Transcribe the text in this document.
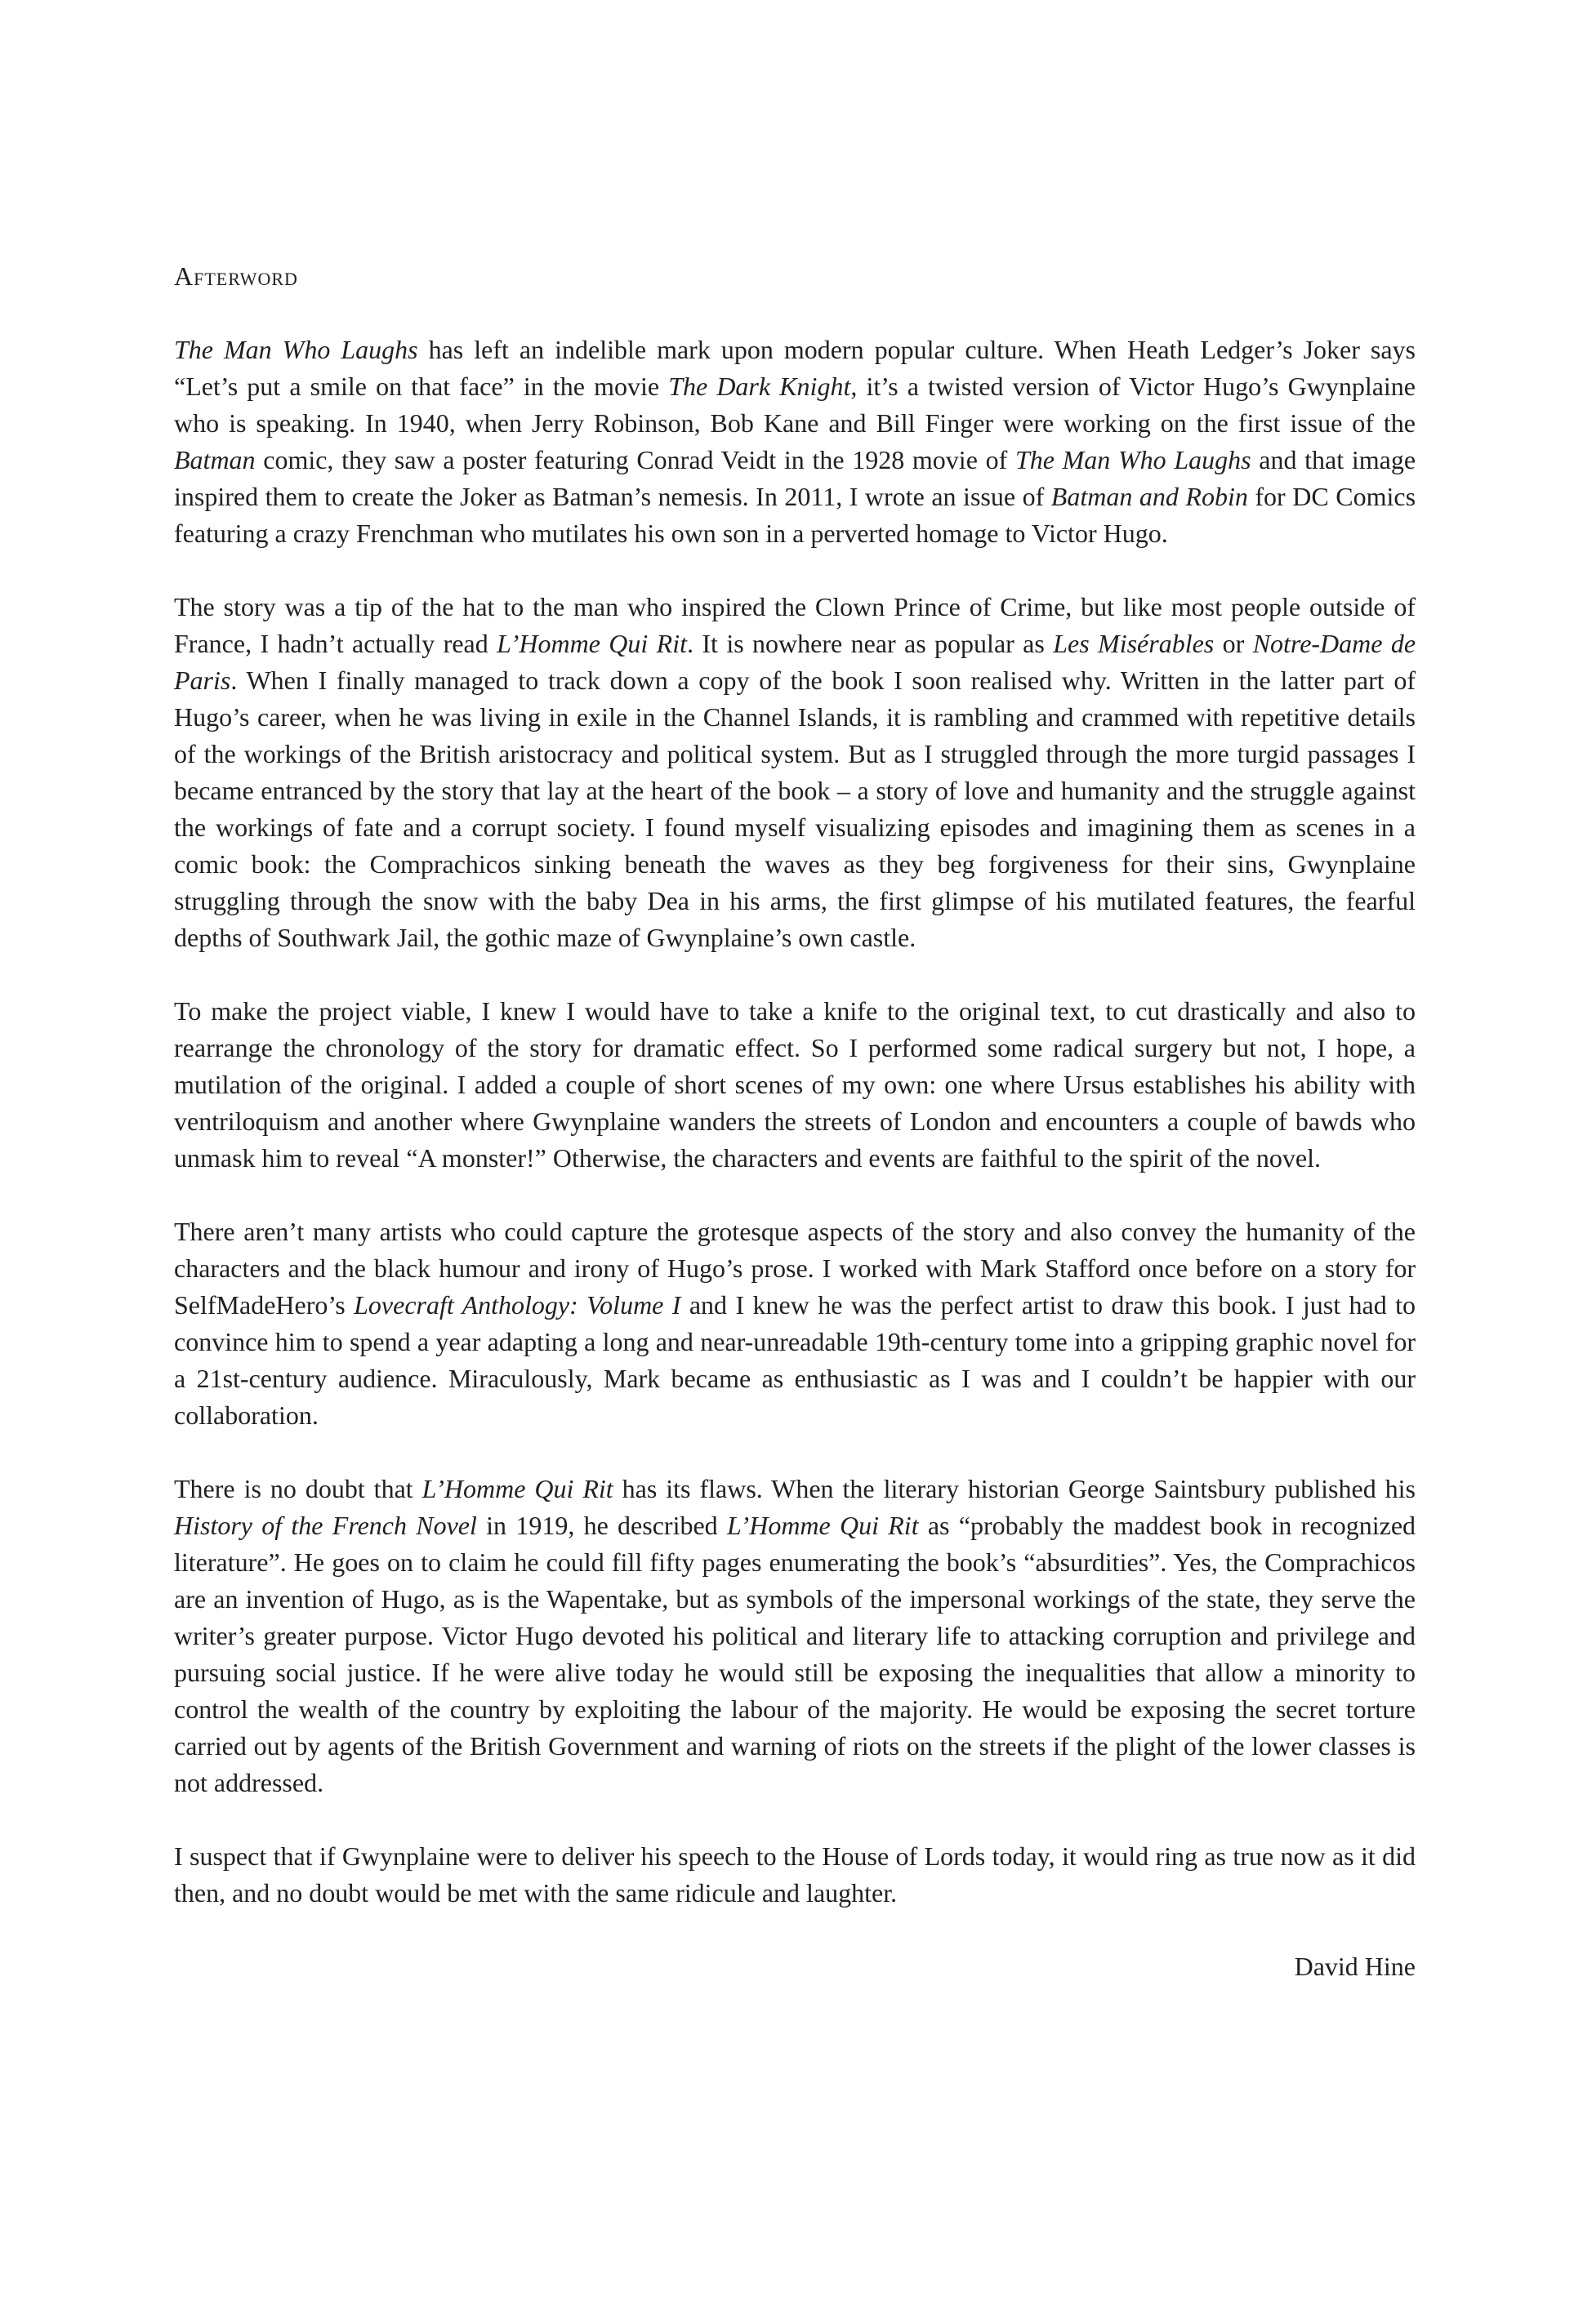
Afterword

The Man Who Laughs has left an indelible mark upon modern popular culture. When Heath Ledger’s Joker says “Let’s put a smile on that face” in the movie The Dark Knight, it’s a twisted version of Victor Hugo’s Gwynplaine who is speaking. In 1940, when Jerry Robinson, Bob Kane and Bill Finger were working on the first issue of the Batman comic, they saw a poster featuring Conrad Veidt in the 1928 movie of The Man Who Laughs and that image inspired them to create the Joker as Batman’s nemesis. In 2011, I wrote an issue of Batman and Robin for DC Comics featuring a crazy Frenchman who mutilates his own son in a perverted homage to Victor Hugo.

The story was a tip of the hat to the man who inspired the Clown Prince of Crime, but like most people outside of France, I hadn’t actually read L’Homme Qui Rit. It is nowhere near as popular as Les Misérables or Notre-Dame de Paris. When I finally managed to track down a copy of the book I soon realised why. Written in the latter part of Hugo’s career, when he was living in exile in the Channel Islands, it is rambling and crammed with repetitive details of the workings of the British aristocracy and political system. But as I struggled through the more turgid passages I became entranced by the story that lay at the heart of the book – a story of love and humanity and the struggle against the workings of fate and a corrupt society. I found myself visualizing episodes and imagining them as scenes in a comic book: the Comprachicos sinking beneath the waves as they beg forgiveness for their sins, Gwynplaine struggling through the snow with the baby Dea in his arms, the first glimpse of his mutilated features, the fearful depths of Southwark Jail, the gothic maze of Gwynplaine’s own castle.

To make the project viable, I knew I would have to take a knife to the original text, to cut drastically and also to rearrange the chronology of the story for dramatic effect. So I performed some radical surgery but not, I hope, a mutilation of the original. I added a couple of short scenes of my own: one where Ursus establishes his ability with ventriloquism and another where Gwynplaine wanders the streets of London and encounters a couple of bawds who unmask him to reveal “A monster!” Otherwise, the characters and events are faithful to the spirit of the novel.

There aren’t many artists who could capture the grotesque aspects of the story and also convey the humanity of the characters and the black humour and irony of Hugo’s prose. I worked with Mark Stafford once before on a story for SelfMadeHero’s Lovecraft Anthology: Volume I and I knew he was the perfect artist to draw this book. I just had to convince him to spend a year adapting a long and near-unreadable 19th-century tome into a gripping graphic novel for a 21st-century audience. Miraculously, Mark became as enthusiastic as I was and I couldn’t be happier with our collaboration.

There is no doubt that L’Homme Qui Rit has its flaws. When the literary historian George Saintsbury published his History of the French Novel in 1919, he described L’Homme Qui Rit as “probably the maddest book in recognized literature”. He goes on to claim he could fill fifty pages enumerating the book’s “absurdities”. Yes, the Comprachicos are an invention of Hugo, as is the Wapentake, but as symbols of the impersonal workings of the state, they serve the writer’s greater purpose. Victor Hugo devoted his political and literary life to attacking corruption and privilege and pursuing social justice. If he were alive today he would still be exposing the inequalities that allow a minority to control the wealth of the country by exploiting the labour of the majority. He would be exposing the secret torture carried out by agents of the British Government and warning of riots on the streets if the plight of the lower classes is not addressed.

I suspect that if Gwynplaine were to deliver his speech to the House of Lords today, it would ring as true now as it did then, and no doubt would be met with the same ridicule and laughter.

David Hine
